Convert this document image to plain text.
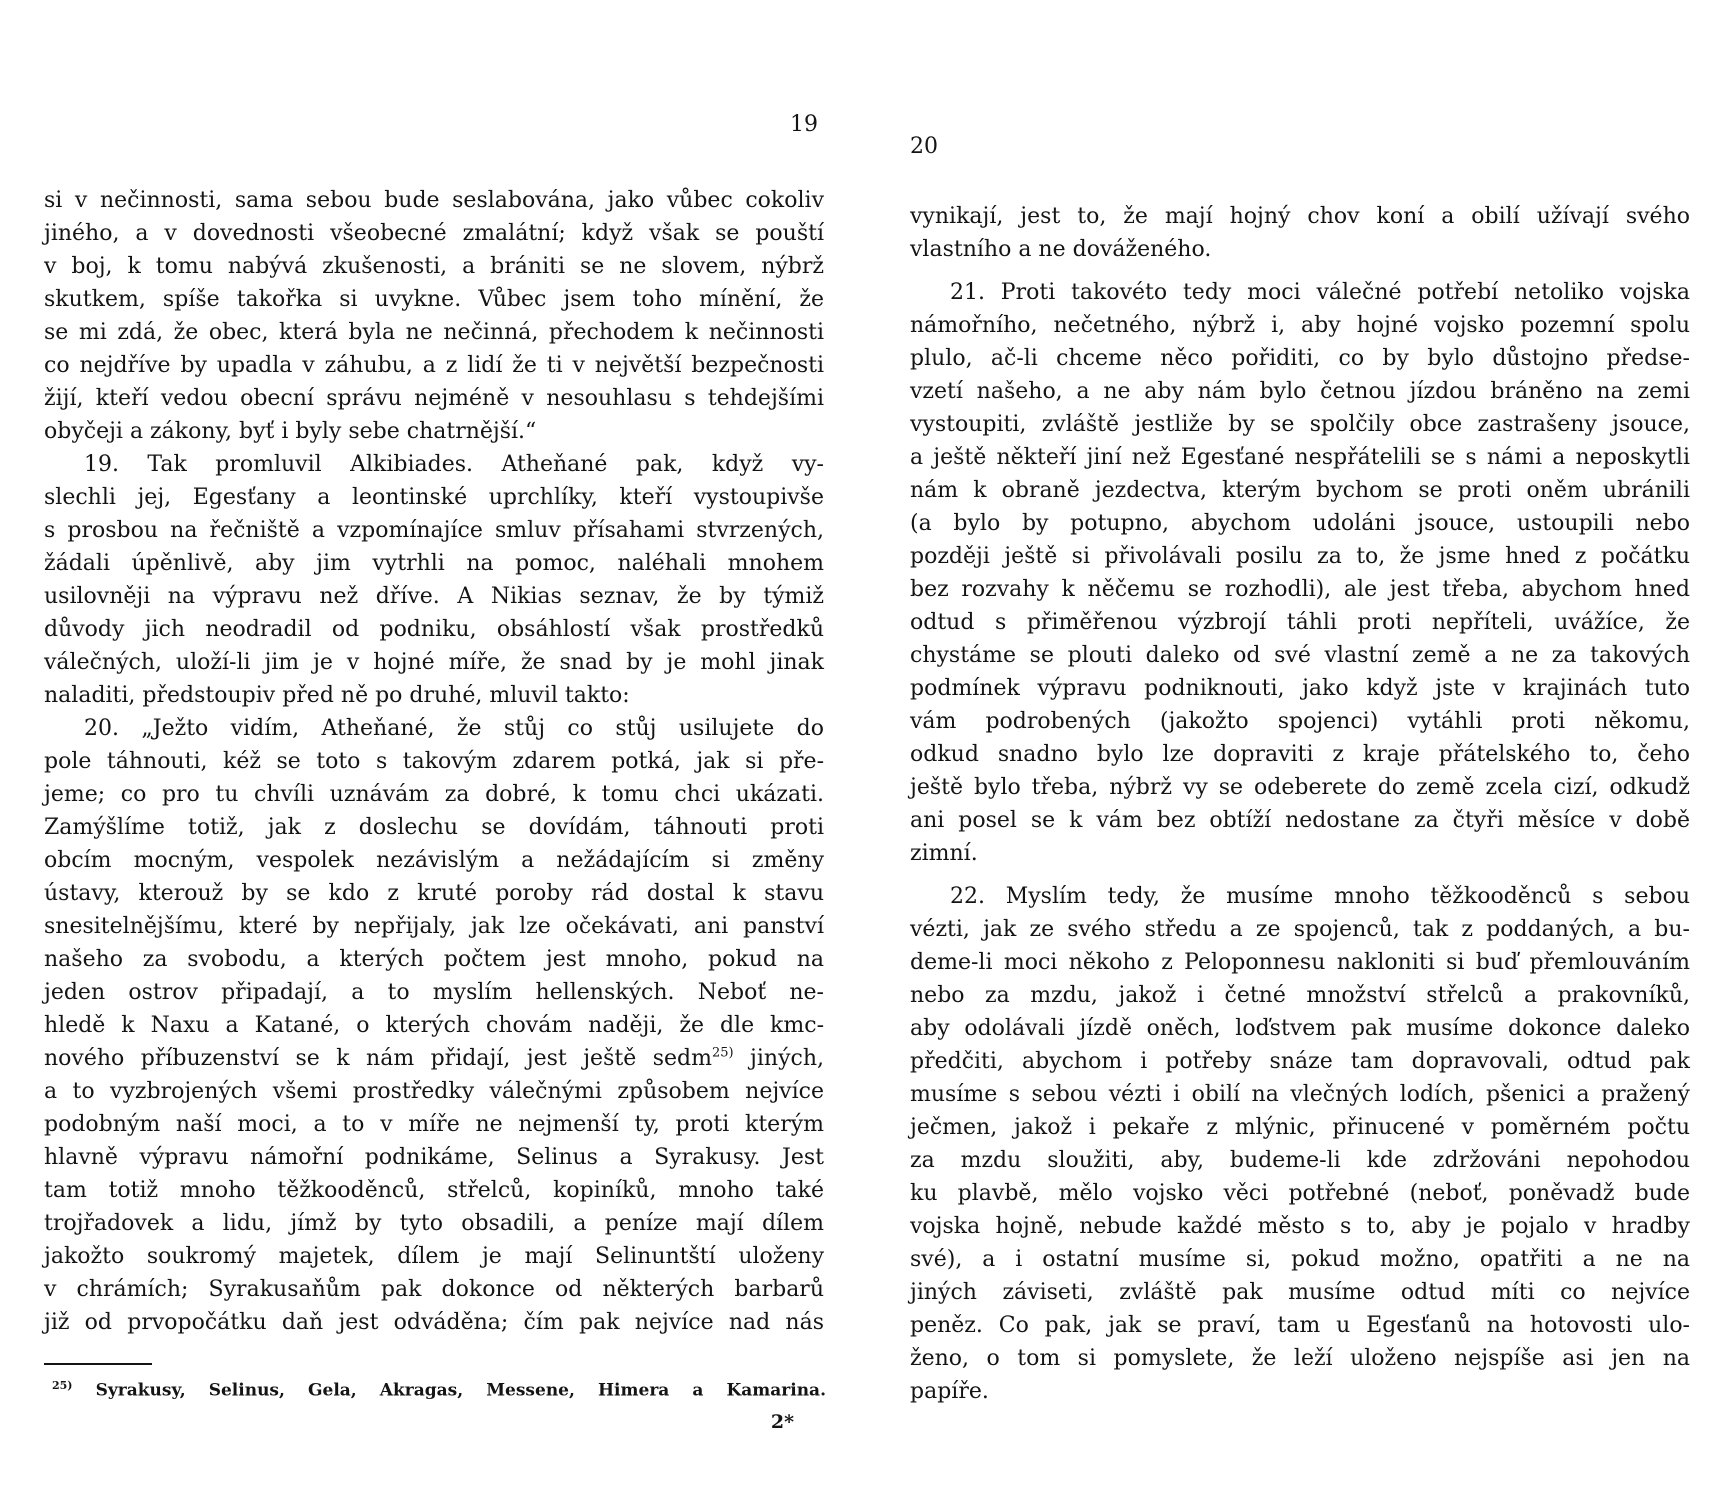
19
si v nečinnosti, sama sebou bude seslabována, jako vůbec cokoliv
jiného, a v dovednosti všeobecné zmalátní; když však se pouští
v boj, k tomu nabývá zkušenosti, a brániti se ne slovem, nýbrž
skutkem, spíše takořka si uvykne. Vůbec jsem toho mínění, že
se mi zdá, že obec, která byla ne nečinná, přechodem k nečinnosti
co nejdříve by upadla v záhubu, a z lidí že ti v největší bezpečnosti
žijí, kteří vedou obecní správu nejméně v nesouhlasu s tehdejšími
obyčeji a zákony, byť i byly sebe chatrnější.“
19. Tak promluvil Alkibiades. Atheňané pak, když vy-
slechli jej, Egesťany a leontinské uprchlíky, kteří vystoupivše
s prosbou na řečniště a vzpomínajíce smluv přísahami stvrzených,
žádali úpěnlivě, aby jim vytrhli na pomoc, naléhali mnohem
usilovněji na výpravu než dříve. A Nikias seznav, že by týmiž
důvody jich neodradil od podniku, obsáhlostí však prostředků
válečných, uloží-li jim je v hojné míře, že snad by je mohl jinak
naladiti, předstoupiv před ně po druhé, mluvil takto:
20. „Ježto vidím, Atheňané, že stůj co stůj usilujete do
pole táhnouti, kéž se toto s takovým zdarem potká, jak si pře-
jeme; co pro tu chvíli uznávám za dobré, k tomu chci ukázati.
Zamýšlíme totiž, jak z doslechu se dovídám, táhnouti proti
obcím mocným, vespolek nezávislým a nežádajícím si změny
ústavy, kterouž by se kdo z kruté poroby rád dostal k stavu
snesitelnějšímu, které by nepřijaly, jak lze očekávati, ani panství
našeho za svobodu, a kterých počtem jest mnoho, pokud na
jeden ostrov připadají, a to myslím hellenských. Neboť ne-
hledě k Naxu a Katané, o kterých chovám naději, že dle kmc-
nového příbuzenství se k nám přidají, jest ještě sedm$^{25)}$ jiných,
a to vyzbrojených všemi prostředky válečnými způsobem nejvíce
podobným naší moci, a to v míře ne nejmenší ty, proti kterým
hlavně výpravu námořní podnikáme, Selinus a Syrakusy. Jest
tam totiž mnoho těžkooděnců, střelců, kopiníků, mnoho také
trojřadovek a lidu, jímž by tyto obsadili, a peníze mají dílem
jakožto soukromý majetek, dílem je mají Selinuntští uloženy
v chrámích; Syrakusaňům pak dokonce od některých barbarů
již od prvopočátku daň jest odváděna; čím pak nejvíce nad nás
$^{25)}$ Syrakusy, Selinus, Gela, Akragas, Messene, Himera a Kamarina.
2*
20
vynikají, jest to, že mají hojný chov koní a obilí užívají svého
vlastního a ne dováženého.
21. Proti takovéto tedy moci válečné potřebí netoliko vojska
námořního, nečetného, nýbrž i, aby hojné vojsko pozemní spolu
plulo, ač-li chceme něco pořiditi, co by bylo důstojno předse-
vzetí našeho, a ne aby nám bylo četnou jízdou bráněno na zemi
vystoupiti, zvláště jestliže by se spolčily obce zastrašeny jsouce,
a ještě někteří jiní než Egesťané nespřátelili se s námi a neposkytli
nám k obraně jezdectva, kterým bychom se proti oněm ubránili
(a bylo by potupno, abychom udoláni jsouce, ustoupili nebo
později ještě si přivolávali posilu za to, že jsme hned z počátku
bez rozvahy k něčemu se rozhodli), ale jest třeba, abychom hned
odtud s přiměřenou výzbrojí táhli proti nepříteli, uvážíce, že
chystáme se plouti daleko od své vlastní země a ne za takových
podmínek výpravu podniknouti, jako když jste v krajinách tuto
vám podrobených (jakožto spojenci) vytáhli proti někomu,
odkud snadno bylo lze dopraviti z kraje přátelského to, čeho
ještě bylo třeba, nýbrž vy se odeberete do země zcela cizí, odkudž
ani posel se k vám bez obtíží nedostane za čtyři měsíce v době
zimní.
22. Myslím tedy, že musíme mnoho těžkooděnců s sebou
vézti, jak ze svého středu a ze spojenců, tak z poddaných, a bu-
deme-li moci někoho z Peloponnesu nakloniti si buď přemlouváním
nebo za mzdu, jakož i četné množství střelců a prakovníků,
aby odolávali jízdě oněch, loďstvem pak musíme dokonce daleko
předčiti, abychom i potřeby snáze tam dopravovali, odtud pak
musíme s sebou vézti i obilí na vlečných lodích, pšenici a pražený
ječmen, jakož i pekaře z mlýnic, přinucené v poměrném počtu
za mzdu sloužiti, aby, budeme-li kde zdržováni nepohodou
ku plavbě, mělo vojsko věci potřebné (neboť, poněvadž bude
vojska hojně, nebude každé město s to, aby je pojalo v hradby
své), a i ostatní musíme si, pokud možno, opatřiti a ne na
jiných záviseti, zvláště pak musíme odtud míti co nejvíce
peněz. Co pak, jak se praví, tam u Egesťanů na hotovosti ulo-
ženo, o tom si pomyslete, že leží uloženo nejspíše asi jen na
papíře.
